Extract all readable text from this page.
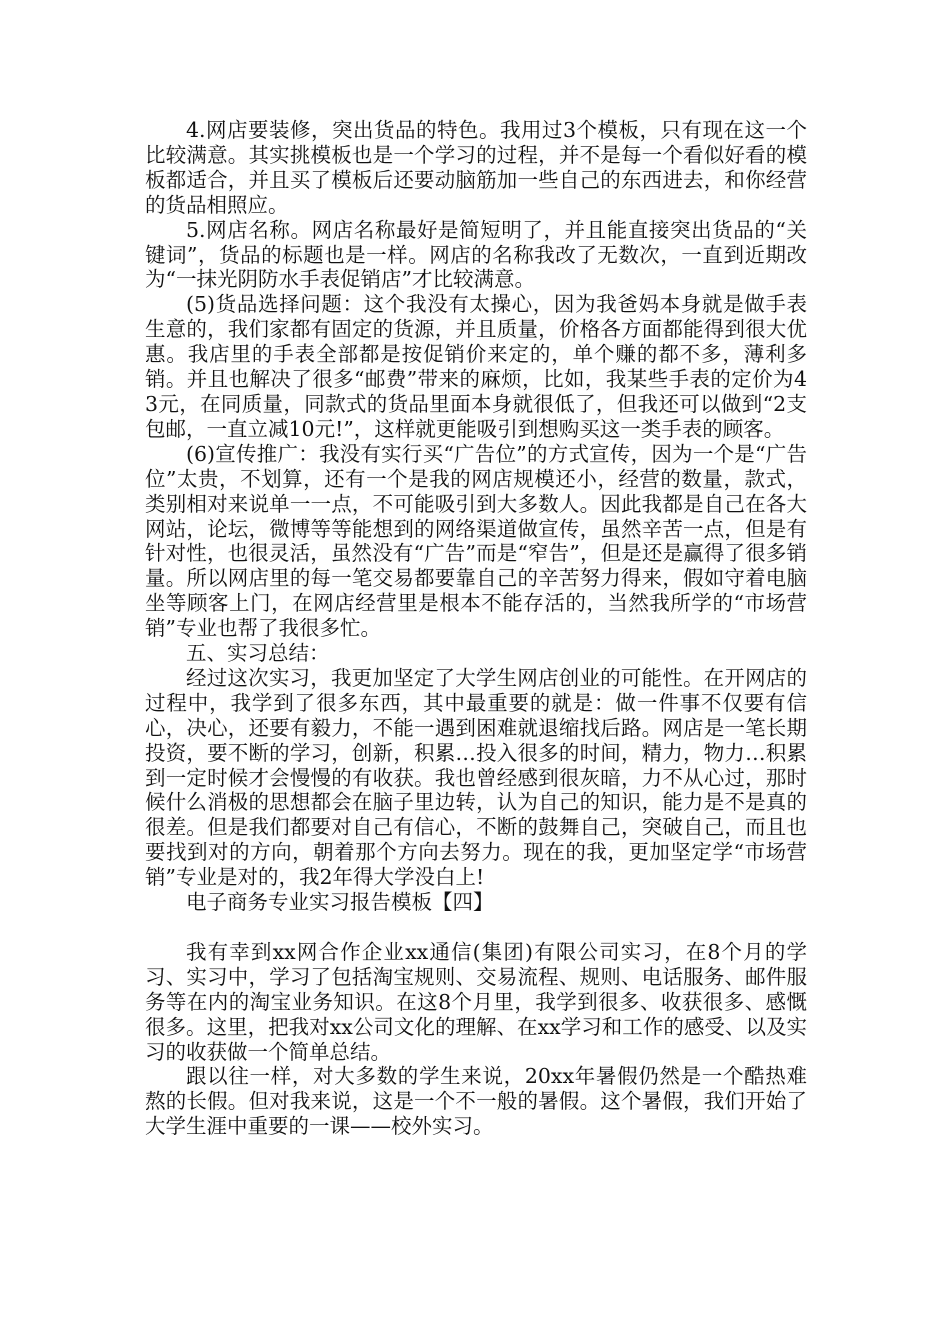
4.网店要装修，突出货品的特色。我用过3个模板，只有现在这一个比较满意。其实挑模板也是一个学习的过程，并不是每一个看似好看的模板都适合，并且买了模板后还要动脑筋加一些自己的东西进去，和你经营的货品相照应。

5.网店名称。网店名称最好是简短明了，并且能直接突出货品的“关键词”，货品的标题也是一样。网店的名称我改了无数次，一直到近期改为“一抹光阴防水手表促销店”才比较满意。

(5)货品选择问题：这个我没有太操心，因为我爸妈本身就是做手表生意的，我们家都有固定的货源，并且质量，价格各方面都能得到很大优惠。我店里的手表全部都是按促销价来定的，单个赚的都不多，薄利多销。并且也解决了很多“邮费”带来的麻烦，比如，我某些手表的定价为43元，在同质量，同款式的货品里面本身就很低了，但我还可以做到“2支包邮，一直立减10元!”，这样就更能吸引到想购买这一类手表的顾客。

(6)宣传推广：我没有实行买“广告位”的方式宣传，因为一个是“广告位”太贵，不划算，还有一个是我的网店规模还小，经营的数量，款式，类别相对来说单一一点，不可能吸引到大多数人。因此我都是自己在各大网站，论坛，微博等等能想到的网络渠道做宣传，虽然辛苦一点，但是有针对性，也很灵活，虽然没有“广告”而是“窄告”，但是还是赢得了很多销量。所以网店里的每一笔交易都要靠自己的辛苦努力得来，假如守着电脑坐等顾客上门，在网店经营里是根本不能存活的，当然我所学的“市场营销”专业也帮了我很多忙。

五、实习总结：

经过这次实习，我更加坚定了大学生网店创业的可能性。在开网店的过程中，我学到了很多东西，其中最重要的就是：做一件事不仅要有信心，决心，还要有毅力，不能一遇到困难就退缩找后路。网店是一笔长期投资，要不断的学习，创新，积累…投入很多的时间，精力，物力…积累到一定时候才会慢慢的有收获。我也曾经感到很灰暗，力不从心过，那时候什么消极的思想都会在脑子里边转，认为自己的知识，能力是不是真的很差。但是我们都要对自己有信心，不断的鼓舞自己，突破自己，而且也要找到对的方向，朝着那个方向去努力。现在的我，更加坚定学“市场营销”专业是对的，我2年得大学没白上!

电子商务专业实习报告模板【四】

我有幸到xx网合作企业xx通信(集团)有限公司实习，在8个月的学习、实习中，学习了包括淘宝规则、交易流程、规则、电话服务、邮件服务等在内的淘宝业务知识。在这8个月里，我学到很多、收获很多、感慨很多。这里，把我对xx公司文化的理解、在xx学习和工作的感受、以及实习的收获做一个简单总结。

跟以往一样，对大多数的学生来说，20xx年暑假仍然是一个酷热难熬的长假。但对我来说，这是一个不一般的暑假。这个暑假，我们开始了大学生涯中重要的一课——校外实习。
